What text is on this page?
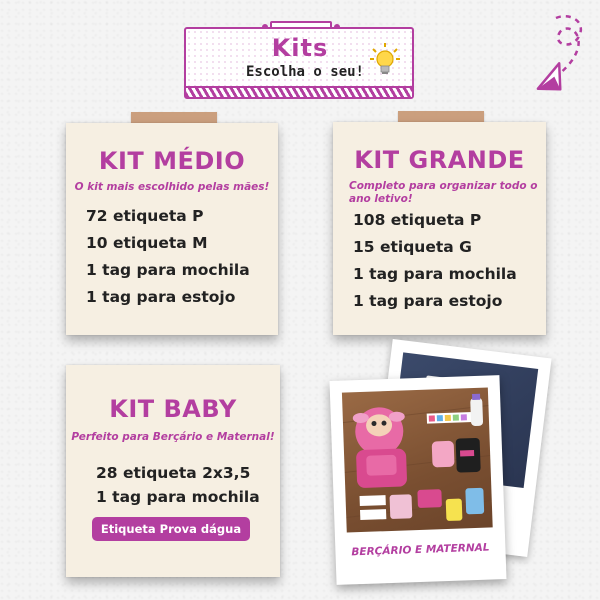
Kits
Escolha o seu!
KIT MÉDIO
O kit mais escolhido pelas mães!
72 etiqueta P
10 etiqueta M
1 tag para mochila
1 tag para estojo
KIT GRANDE
Completo para organizar todo o ano letivo!
108 etiqueta P
15 etiqueta G
1 tag para mochila
1 tag para estojo
KIT BABY
Perfeito para Berçário e Maternal!
28 etiqueta 2x3,5
1 tag para mochila
Etiqueta Prova dágua
BERÇÁRIO E MATERNAL
